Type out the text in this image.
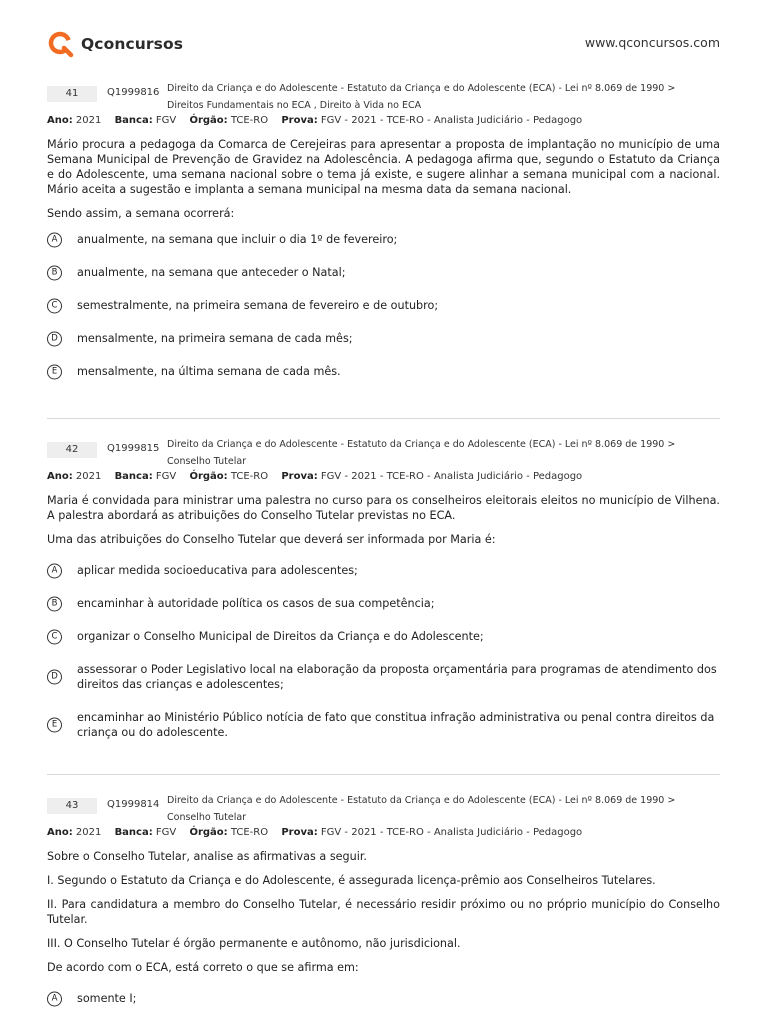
Qconcursos	www.qconcursos.com
41	Q1999816 Direito da Criança e do Adolescente - Estatuto da Criança e do Adolescente (ECA) - Lei nº 8.069 de 1990 >
Direitos Fundamentais no ECA , Direito à Vida no ECA
Ano: 2021 Banca: FGV Órgão: TCE-RO Prova: FGV - 2021 - TCE-RO - Analista Judiciário - Pedagogo

Mário procura a pedagoga da Comarca de Cerejeiras para apresentar a proposta de implantação no município de uma Semana Municipal de Prevenção de Gravidez na Adolescência. A pedagoga afirma que, segundo o Estatuto da Criança e do Adolescente, uma semana nacional sobre o tema já existe, e sugere alinhar a semana municipal com a nacional. Mário aceita a sugestão e implanta a semana municipal na mesma data da semana nacional.

Sendo assim, a semana ocorrerá:

A	anualmente, na semana que incluir o dia 1º de fevereiro;
B	anualmente, na semana que anteceder o Natal;
C	semestralmente, na primeira semana de fevereiro e de outubro;
D	mensalmente, na primeira semana de cada mês;
E	mensalmente, na última semana de cada mês.
42	Q1999815 Direito da Criança e do Adolescente - Estatuto da Criança e do Adolescente (ECA) - Lei nº 8.069 de 1990 >
Conselho Tutelar
Ano: 2021 Banca: FGV Órgão: TCE-RO Prova: FGV - 2021 - TCE-RO - Analista Judiciário - Pedagogo

Maria é convidada para ministrar uma palestra no curso para os conselheiros eleitorais eleitos no município de Vilhena. A palestra abordará as atribuições do Conselho Tutelar previstas no ECA.

Uma das atribuições do Conselho Tutelar que deverá ser informada por Maria é:

A	aplicar medida socioeducativa para adolescentes;
B	encaminhar à autoridade política os casos de sua competência;
C	organizar o Conselho Municipal de Direitos da Criança e do Adolescente;
D
assessorar o Poder Legislativo local na elaboração da proposta orçamentária para programas de atendimento dos direitos das crianças e adolescentes;
E
encaminhar ao Ministério Público notícia de fato que constitua infração administrativa ou penal contra direitos da criança ou do adolescente.
43	Q1999814 Direito da Criança e do Adolescente - Estatuto da Criança e do Adolescente (ECA) - Lei nº 8.069 de 1990 >
Conselho Tutelar
Ano: 2021 Banca: FGV Órgão: TCE-RO Prova: FGV - 2021 - TCE-RO - Analista Judiciário - Pedagogo

Sobre o Conselho Tutelar, analise as afirmativas a seguir.

I. Segundo o Estatuto da Criança e do Adolescente, é assegurada licença-prêmio aos Conselheiros Tutelares.

II. Para candidatura a membro do Conselho Tutelar, é necessário residir próximo ou no próprio município do Conselho Tutelar.

III. O Conselho Tutelar é órgão permanente e autônomo, não jurisdicional.

De acordo com o ECA, está correto o que se afirma em:

A	somente I;
